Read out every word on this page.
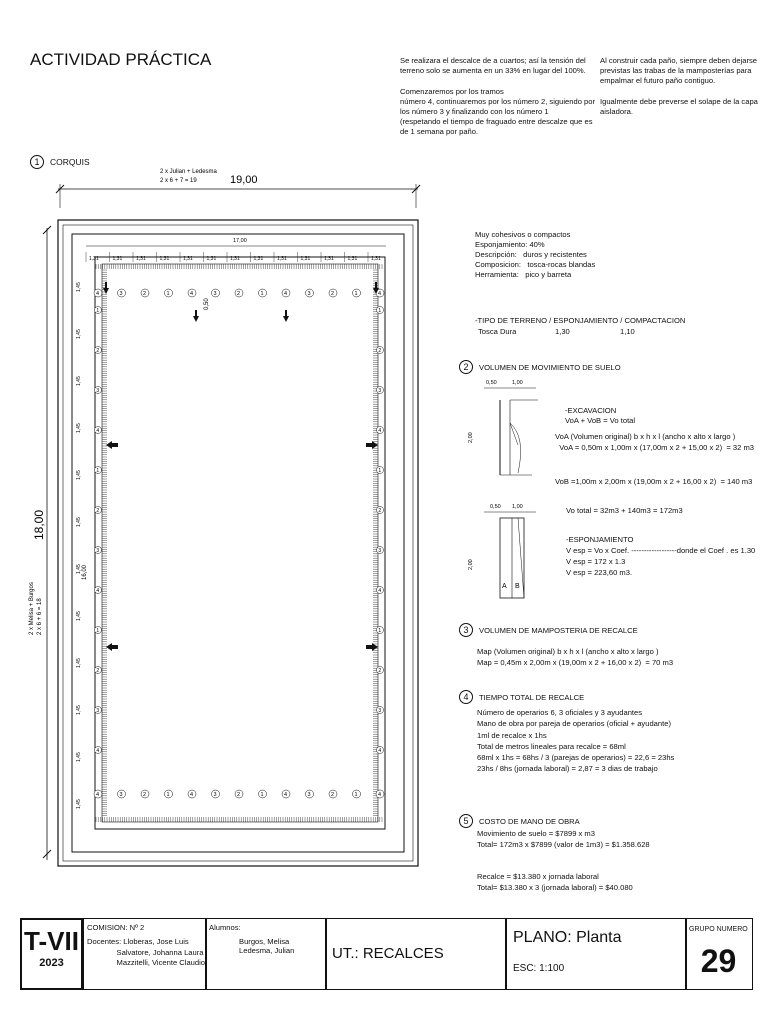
ACTIVIDAD PRÁCTICA	Se realizara el descalce de a cuartos; así la tensión del
terreno solo se aumenta en un 33% en lugar del 100%.

Comenzaremos por los tramos
número 4, continuaremos por los número 2, siguiendo por
los número 3 y finalizando con los número 1
(respetando el tiempo de fraguado entre descalze que es
de 1 semana por paño.
Al construir cada paño, siempre deben dejarse
previstas las trabas de la mamposterías para
empalmar el futuro paño contiguo.

Igualmente debe preverse el solape de la capa
aisladora.
1	CORQUIS
2 x Julian + Ledesma
2 x 6 + 7 = 19	19,00
18,00
2 x Melisa + Burgos 2 x 6 + 6 = 18
17,00
1,31	1,31	1,31	1,31	1,31	1,31	1,31	1,31	1,31	1,31	1,31	1,31	1,31
1,45
1,45
1,45
1,45
1,45
1,45
1,45
1,45
1,45
1,45
1,45
1,45
4
4
3
3
2
2
1
1
4
4
3
3
2
2
1
1
4
4
3
3
2
2
1
1
4
4
1	1
2	2
3	3
4	4
1	1
2	2
3	3
4	4
1	1
2	2
3	3
4	4
0,50
16,00
Muy cohesivos o compactos
Esponjamiento: 40%
Descripción:   duros y recistentes
Composicion:   tosca-rocas blandas
Herramienta:   pico y barreta
-TIPO DE TERRENO / ESPONJAMIENTO / COMPACTACION
Tosca Dura	1,30	1,10
2	VOLUMEN DE MOVIMIENTO DE SUELO
0,50	1,00
2,00
0,50 1,00
A B
2,00
-EXCAVACION
VoA + VoB = Vo total
VoA (Volumen original) b x h x l (ancho x alto x largo )
VoA = 0,50m x 1,00m x (17,00m x 2 + 15,00 x 2)  = 32 m3
VoB =1,00m x 2,00m x (19,00m x 2 + 16,00 x 2)  = 140 m3
Vo total = 32m3 + 140m3 = 172m3
-ESPONJAMIENTO
V esp = Vo x Coef. ------------------donde el Coef . es 1.30
V esp = 172 x 1.3
V esp = 223,60 m3.
3	VOLUMEN DE MAMPOSTERIA DE RECALCE
Map (Volumen original) b x h x l (ancho x alto x largo )
Map = 0,45m x 2,00m x (19,00m x 2 + 16,00 x 2)  = 70 m3
4	TIEMPO TOTAL DE RECALCE
Número de operarios 6, 3 oficiales y 3 ayudantes
Mano de obra por pareja de operarios (oficial + ayudante)
1ml de recalce x 1hs
Total de metros lineales para recalce = 68ml
68ml x 1hs = 68hs / 3 (parejas de operarios) = 22,6 = 23hs
23hs / 8hs (jornada laboral) = 2,87 = 3 dias de trabajo
5	COSTO DE MANO DE OBRA
Movimiento de suelo = $7899 x m3
Total= 172m3 x $7899 (valor de 1m3) = $1.358.628

Recalce = $13.380 x jornada laboral
Total= $13.380 x 3 (jornada laboral) = $40.080
T-VII
2023
COMISION: Nº 2
Docentes: Lloberas, Jose Luis
Salvatore, Johanna Laura
Mazzitelli, Vicente Claudio
Alumnos:
Burgos, Melisa
Ledesma, Julian	UT.: RECALCES
PLANO: Planta
ESC: 1:100
GRUPO NUMERO
29
